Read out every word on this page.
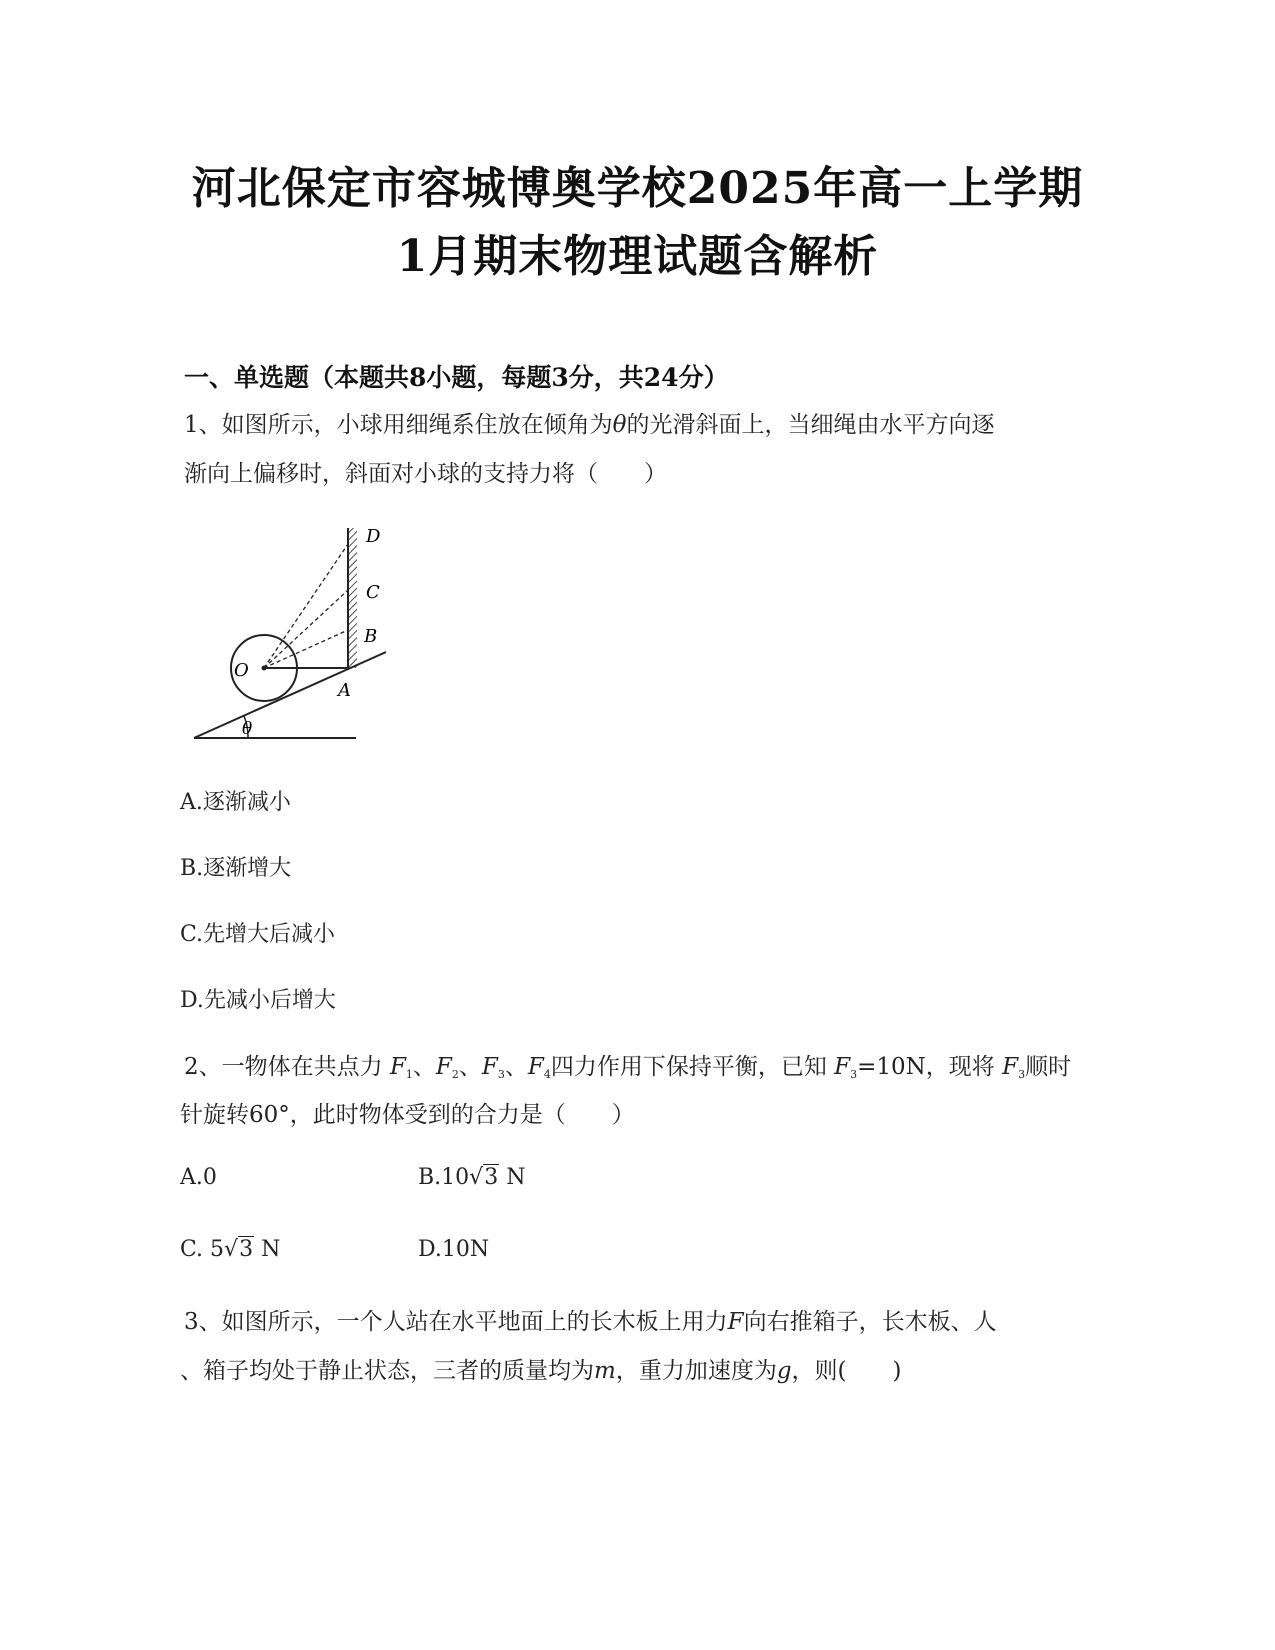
河北保定市容城博奥学校2025年高一上学期
1月期末物理试题含解析
一、单选题（本题共8小题，每题3分，共24分）
1、如图所示，小球用细绳系住放在倾角为θ的光滑斜面上，当细绳由水平方向逐
渐向上偏移时，斜面对小球的支持力将（　　）
θ
D
C
B
O
A
A.逐渐减小
B.逐渐增大
C.先增大后减小
D.先减小后增大
2、一物体在共点力 $F_1$、$F_2$、$F_3$、$F_4$四力作用下保持平衡，已知 $F_3=10N$，现将 $F_3$顺时
针旋转60°，此时物体受到的合力是（　　）
A.0	B.10√3 N
C. 5√3 N	D.10N
3、如图所示，一个人站在水平地面上的长木板上用力F向右推箱子，长木板、人
、箱子均处于静止状态，三者的质量均为m，重力加速度为g，则(　　)
